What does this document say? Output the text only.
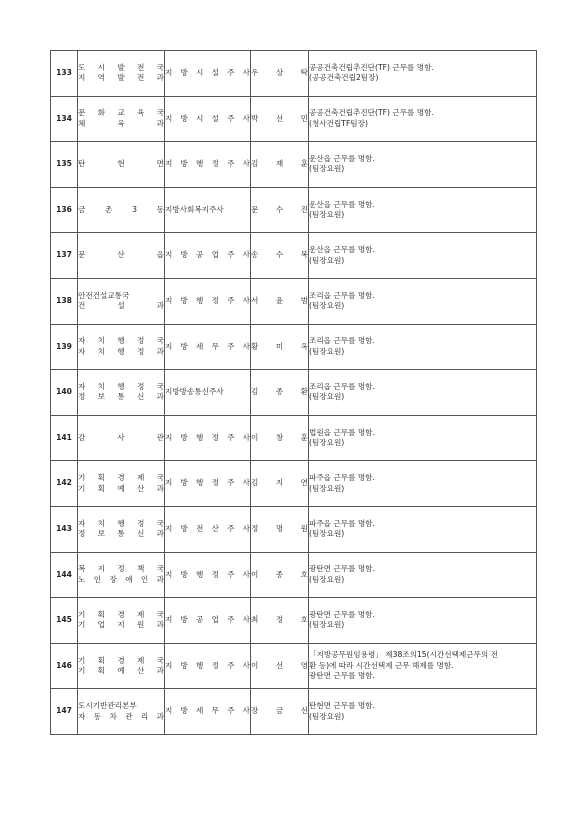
133	도 시 발 전 국
지 역 발 전 과	지 방 시 설 주 사	우 상 탁	공공건축건립추진단(TF) 근무를 명함.
(공공건축건립2팀장)

134	문 화 교 육 국
체 육 과	지 방 시 설 주 사	박 선 민	공공건축건립추진단(TF) 근무를 명함.
(청사건립TF팀장)

135	탄 현 면	지 방 행 정 주 사	김 재 훈	운산읍 근무를 명함.
(팀장요원)

136	금 촌 3 동	지방사회복지주사	문 수 진	운산읍 근무를 명함.
(팀장요원)

137	문 산 읍	지 방 공 업 주 사	송 수 복	운산읍 근무를 명함.
(팀장요원)

138	안전건설교통국
건 설 과	지 방 행 정 주 사	서 윤 범	조리읍 근무를 명함.
(팀장요원)

139	자 치 행 정 국
자 치 행 정 과	지 방 세 무 주 사	황 미 옥	조리읍 근무를 명함.
(팀장요원)

140	자 치 행 정 국
정 보 통 신 과	지방방송통신주사	김 종 환	조리읍 근무를 명함.
(팀장요원)

141	감 사 관	지 방 행 정 주 사	이 창 훈	법원읍 근무를 명함.
(팀장요원)

142	기 획 경 제 국
기 획 예 산 과	지 방 행 정 주 사	김 지 연	파주읍 근무를 명함.
(팀장요원)

143	자 치 행 정 국
정 보 통 신 과	지 방 전 산 주 사	정 명 원	파주읍 근무를 명함.
(팀장요원)

144	복 지 정 책 국
노 인 장 애 인 과	지 방 행 정 주 사	이 종 호	광탄면 근무를 명함.
(팀장요원)

145	기 획 경 제 국
기 업 지 원 과	지 방 공 업 주 사	최 정 호	광탄면 근무를 명함.
(팀장요원)

146	기 획 경 제 국
기 획 예 산 과	지 방 행 정 주 사	이 선 영	「지방공무원임용령」 제38조의15(시간선택제근무의 전
환 등)에 따라 시간선택제 근무 해제를 명함.
광탄면 근무를 명함.

147	도시기반관리본부
자 동 차 관 리 과	지 방 세 무 주 사	장 금 선	탄현면 근무를 명함.
(팀장요원)
